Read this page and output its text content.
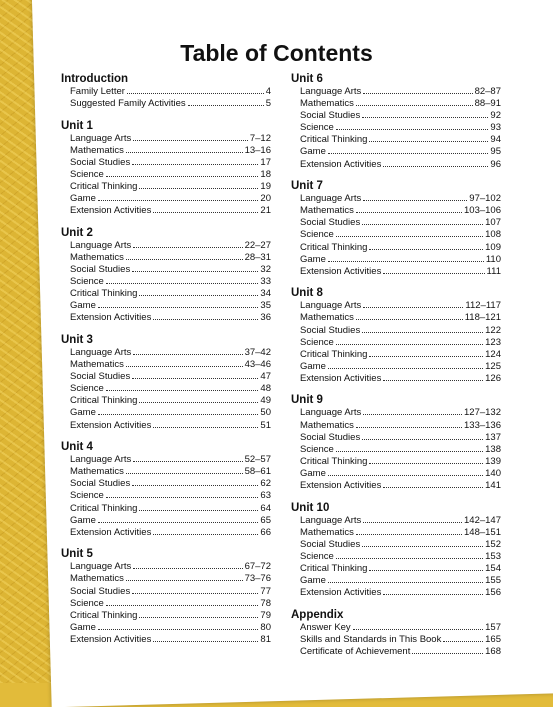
Table of Contents
Introduction
Family Letter	4
Suggested Family Activities	5
Unit 1
Language Arts	7–12
Mathematics	13–16
Social Studies	17
Science	18
Critical Thinking	19
Game	20
Extension Activities	21
Unit 2
Language Arts	22–27
Mathematics	28–31
Social Studies	32
Science	33
Critical Thinking	34
Game	35
Extension Activities	36
Unit 3
Language Arts	37–42
Mathematics	43–46
Social Studies	47
Science	48
Critical Thinking	49
Game	50
Extension Activities	51
Unit 4
Language Arts	52–57
Mathematics	58–61
Social Studies	62
Science	63
Critical Thinking	64
Game	65
Extension Activities	66
Unit 5
Language Arts	67–72
Mathematics	73–76
Social Studies	77
Science	78
Critical Thinking	79
Game	80
Extension Activities	81
Unit 6
Language Arts	82–87
Mathematics	88–91
Social Studies	92
Science	93
Critical Thinking	94
Game	95
Extension Activities	96
Unit 7
Language Arts	97–102
Mathematics	103–106
Social Studies	107
Science	108
Critical Thinking	109
Game	110
Extension Activities	111
Unit 8
Language Arts	112–117
Mathematics	118–121
Social Studies	122
Science	123
Critical Thinking	124
Game	125
Extension Activities	126
Unit 9
Language Arts	127–132
Mathematics	133–136
Social Studies	137
Science	138
Critical Thinking	139
Game	140
Extension Activities	141
Unit 10
Language Arts	142–147
Mathematics	148–151
Social Studies	152
Science	153
Critical Thinking	154
Game	155
Extension Activities	156
Appendix
Answer Key	157
Skills and Standards in This Book	165
Certificate of Achievement	168
